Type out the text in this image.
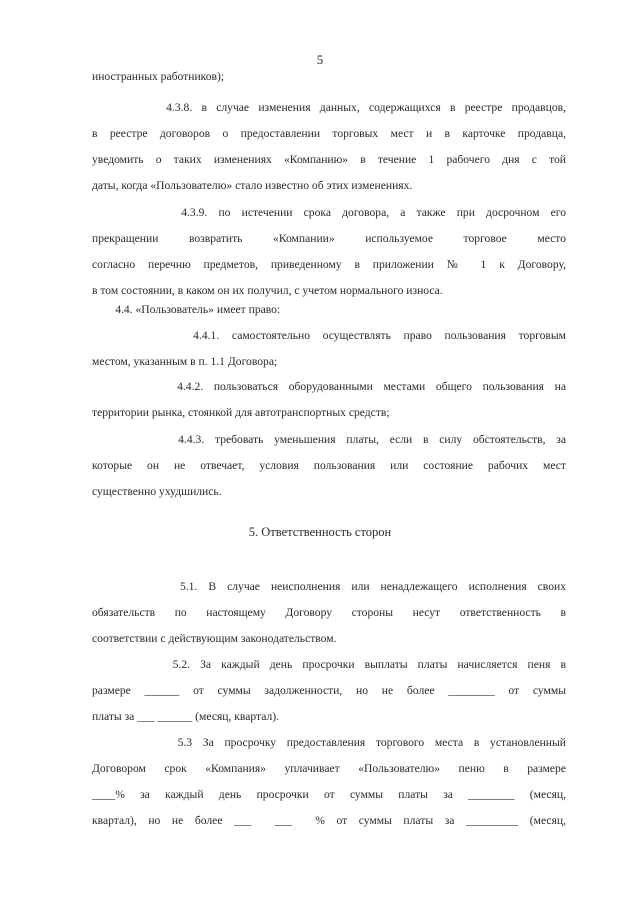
5
иностранных работников);
4.3.8. в случае изменения данных, содержащихся в реестре продавцов,
в реестре договоров о предоставлении торговых мест и в карточке продавца,
уведомить о таких изменениях «Компанию» в течение 1 рабочего дня с той
даты, когда «Пользователю» стало известно об этих изменениях.
4.3.9. по истечении срока договора, а также при досрочном его
прекращении возвратить «Компании» используемое торговое место
согласно перечню предметов, приведенному в приложении № 1 к Договору,
в том состоянии, в каком он их получил, с учетом нормального износа.
4.4. «Пользователь» имеет право:
4.4.1. самостоятельно осуществлять право пользования торговым
местом, указанным в п. 1.1 Договора;
4.4.2. пользоваться оборудованными местами общего пользования на
территории рынка, стоянкой для автотранспортных средств;
4.4.3. требовать уменьшения платы, если в силу обстоятельств, за
которые он не отвечает, условия пользования или состояние рабочих мест
существенно ухудшились.
5. Ответственность сторон
5.1. В случае неисполнения или ненадлежащего исполнения своих
обязательств по настоящему Договору стороны несут ответственность в
соответствии с действующим законодательством.
5.2. За каждый день просрочки выплаты платы начисляется пеня в
размере ______ от суммы задолженности, но не более ________ от суммы
платы за ___ ______ (месяц, квартал).
5.3 За просрочку предоставления торгового места в установленный
Договором срок «Компания» уплачивает «Пользователю» пеню в размере
____% за каждый день просрочки от суммы платы за ________ (месяц,
квартал), но не более ___  ___  % от суммы платы за _________ (месяц,
